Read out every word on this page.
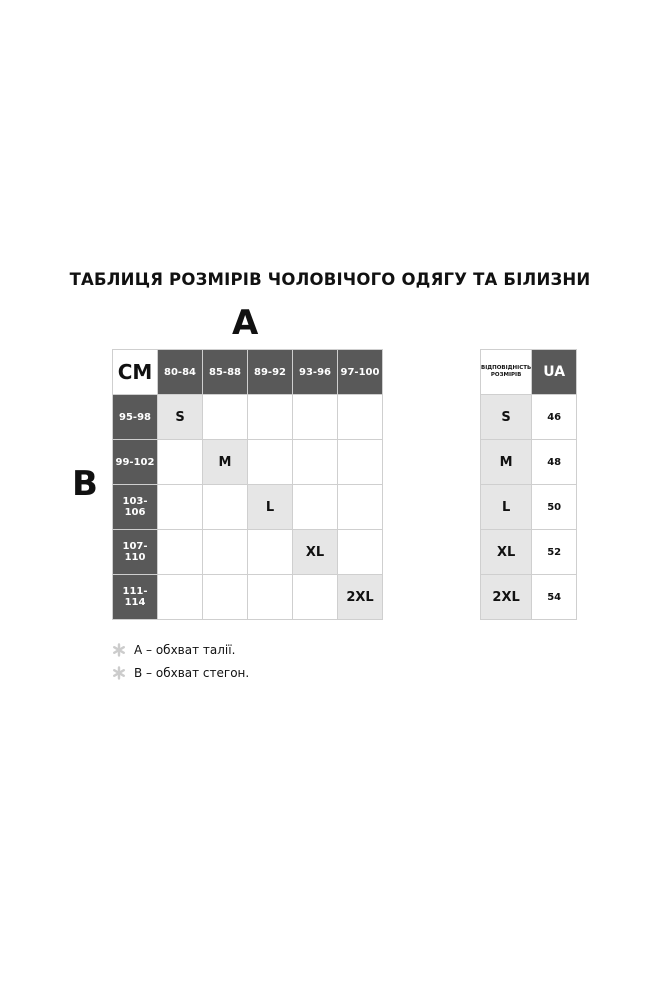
ТАБЛИЦЯ РОЗМІРІВ ЧОЛОВІЧОГО ОДЯГУ ТА БІЛИЗНИ
A
B
CM	80-84	85-88	89-92	93-96	97-100
95-98	S				
99-102		M			
103-106			L		
107-110				XL	
111-114					2XL
ВІДПОВІДНІСТЬ
РОЗМІРІВ	UA
S	46
M	48
L	50
XL	52
2XL	54
А – обхват талії.
В – обхват стегон.
